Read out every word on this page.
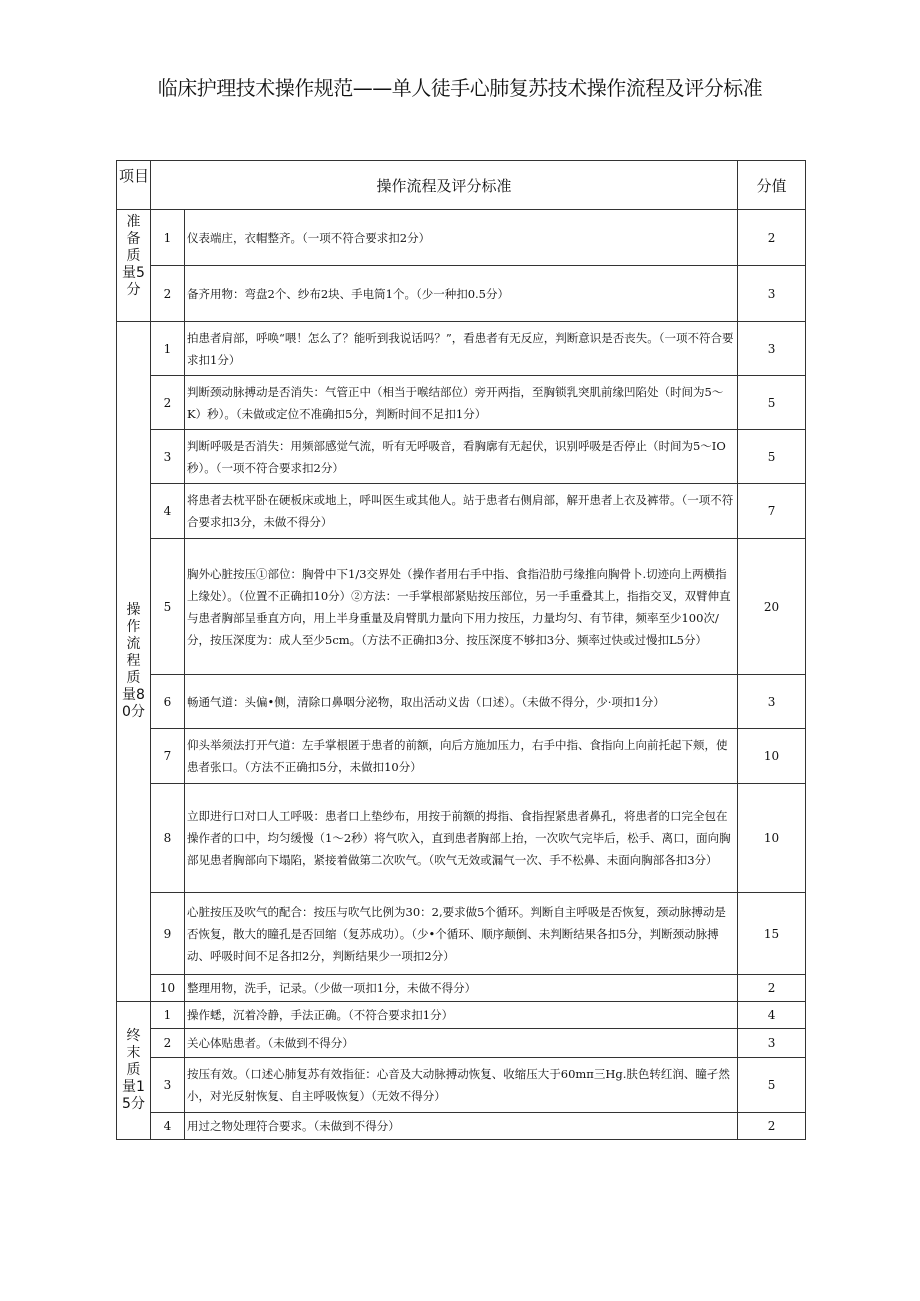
临床护理技术操作规范——单人徒手心肺复苏技术操作流程及评分标准
项目	操作流程及评分标准		分值
准备质量5分	1	仪表端庄，衣帽整齐。（一项不符合要求扣2分）	2
	2	备齐用物：弯盘2个、纱布2块、手电筒1个。（少一种扣0.5分）	3
操作流程质量80分	1	拍患者肩部，呼唤“喂！怎么了？能听到我说话吗？”，看患者有无反应，判断意识是否丧失。（一项不符合要求扣1分）	3
	2	判断颈动脉搏动是否消失：气管正中（相当于喉结部位）旁开两指，至胸锁乳突肌前缘凹陷处（时间为5～K）秒）。（未做或定位不准确扣5分，判断时间不足扣1分）	5
	3	判断呼吸是否消失：用频部感觉气流，听有无呼吸音，看胸廓有无起伏，识别呼吸是否停止（时间为5～IO秒）。（一项不符合要求扣2分）	5
	4	将患者去枕平卧在硬板床或地上，呼叫医生或其他人。站于患者右侧肩部，解开患者上衣及裤带。（一项不符合要求扣3分，未做不得分）	7
	5	胸外心脏按压①部位：胸骨中下1/3交界处（操作者用右手中指、食指沿肋弓缘推向胸骨卜.切迹向上两横指上缘处）。（位置不正确扣10分）②方法：一手掌根部紧贴按压部位，另一手重叠其上，指指交叉，双臂伸直与患者胸部呈垂直方向，用上半身重量及肩臂肌力量向下用力按压，力量均匀、有节律，频率至少100次/分，按压深度为：成人至少5cm。（方法不正确扣3分、按压深度不够扣3分、频率过快或过慢扣L5分）	20
	6	畅通气道：头偏•侧，清除口鼻咽分泌物，取出活动义齿（口述）。（未做不得分，少·项扣1分）	3
	7	仰头举须法打开气道：左手掌根匿于患者的前额，向后方施加压力，右手中指、食指向上向前托起下颊，使患者张口。（方法不正确扣5分，未做扣10分）	10
	8	立即进行口对口人工呼吸：患者口上垫纱布，用按于前额的拇指、食指捏紧患者鼻孔，将患者的口完全包在操作者的口中，均匀缓慢（1～2秒）将气吹入，直到患者胸部上抬，一次吹气完毕后，松手、离口，面向胸部见患者胸部向下塌陷，紧接着做第二次吹气。（吹气无效或漏气一次、手不松鼻、未面向胸部各扣3分）	10
	9	心脏按压及吹气的配合：按压与吹气比例为30：2,要求做5个循环。判断自主呼吸是否恢复，颈动脉搏动是否恢复，散大的瞳孔是否回缩（复苏成功）。（少•个循环、顺序颠倒、未判断结果各扣5分，判断颈动脉搏动、呼吸时间不足各扣2分，判断结果少一项扣2分）	15
	10	整理用物，洗手，记录。（少做一项扣1分，未做不得分）	2
终末质量15分	1	操作蟋，沉着冷静，手法正确。（不符合要求扣1分）	4
	2	关心体贴患者。（未做到不得分）	3
	3	按压有效。（口述心肺复苏有效指征：心音及大动脉搏动恢复、收缩压大于60mπ三Hg.肤色转红润、瞳孑然小，对光反射恢复、自主呼吸恢复）（无效不得分）	5
	4	用过之物处理符合要求。（未做到不得分）	2
